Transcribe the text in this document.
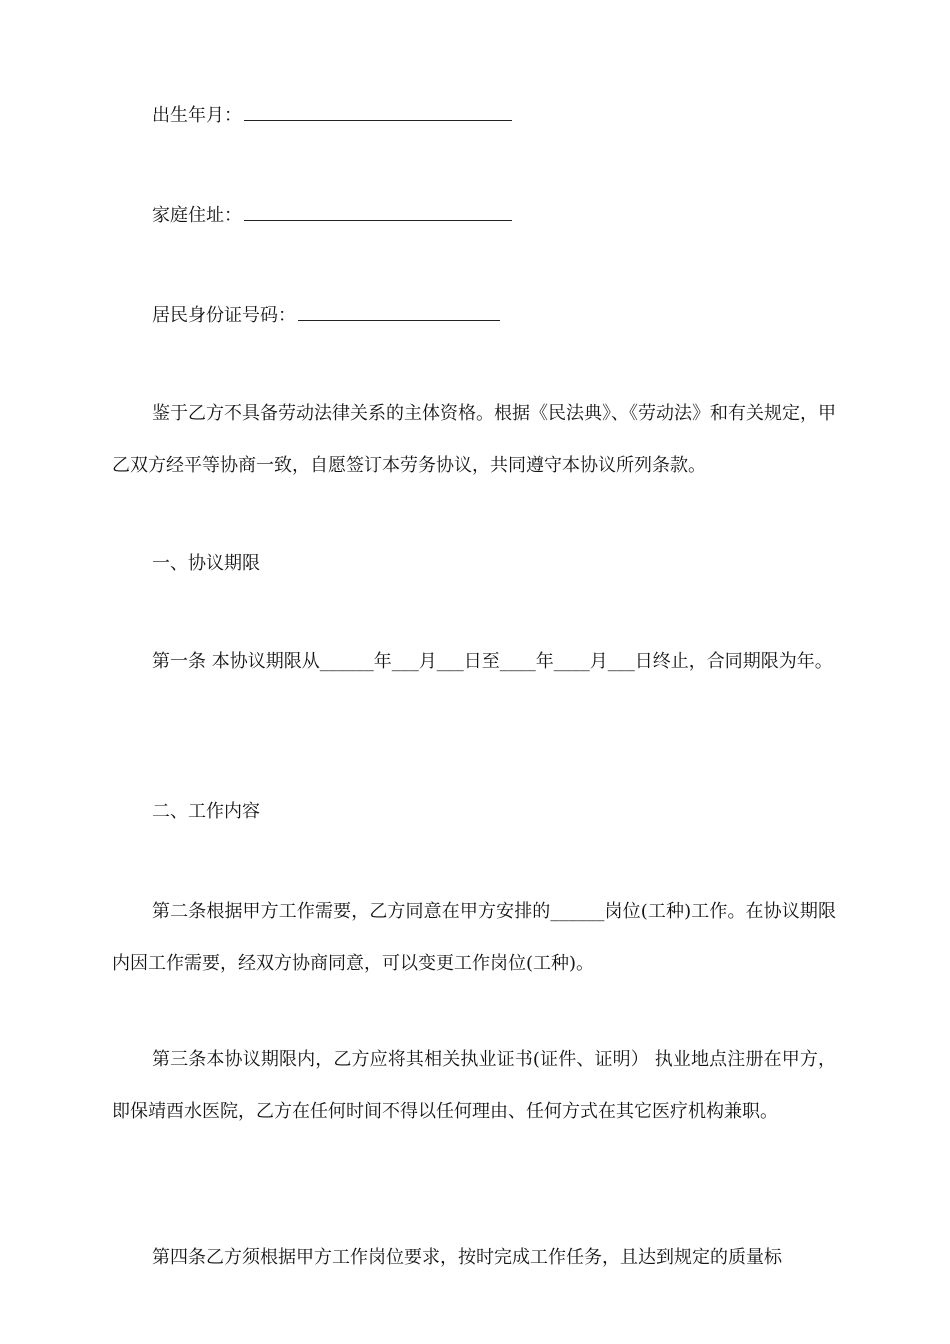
出生年月：
家庭住址：
居民身份证号码：

鉴于乙方不具备劳动法律关系的主体资格。根据《民法典》、《劳动法》和有关规定，甲乙双方经平等协商一致，自愿签订本劳务协议，共同遵守本协议所列条款。

一、协议期限

第一条 本协议期限从______年___月___日至____年____月___日终止，合同期限为年。

二、工作内容

第二条根据甲方工作需要，乙方同意在甲方安排的______岗位(工种)工作。在协议期限内因工作需要，经双方协商同意，可以变更工作岗位(工种)。

第三条本协议期限内，乙方应将其相关执业证书(证件、证明） 执业地点注册在甲方，即保靖酉水医院，乙方在任何时间不得以任何理由、任何方式在其它医疗机构兼职。

第四条乙方须根据甲方工作岗位要求，按时完成工作任务，且达到规定的质量标
